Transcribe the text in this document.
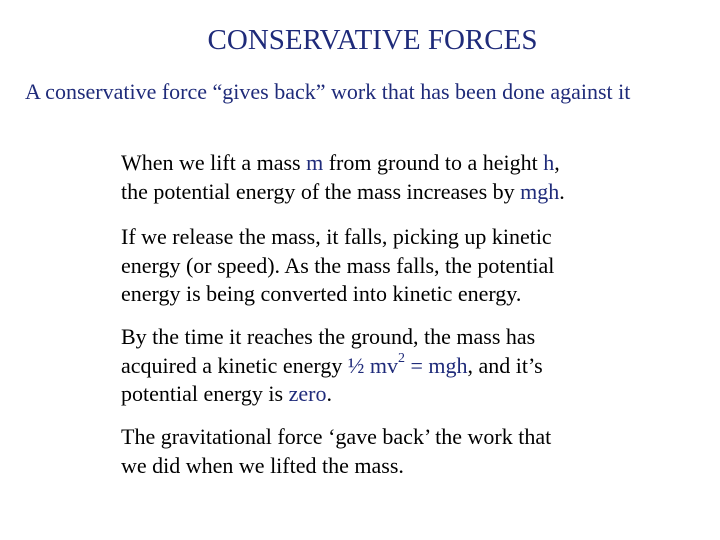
CONSERVATIVE FORCES
A conservative force “gives back” work that has been done against it
When we lift a mass m from ground to a height h,
the potential energy of the mass increases by mgh.
If we release the mass, it falls, picking up kinetic
energy (or speed). As the mass falls, the potential
energy is being converted into kinetic energy.
By the time it reaches the ground, the mass has
acquired a kinetic energy ½ $mv^2$ = mgh, and it’s
potential energy is zero.
The gravitational force ‘gave back’ the work that
we did when we lifted the mass.
